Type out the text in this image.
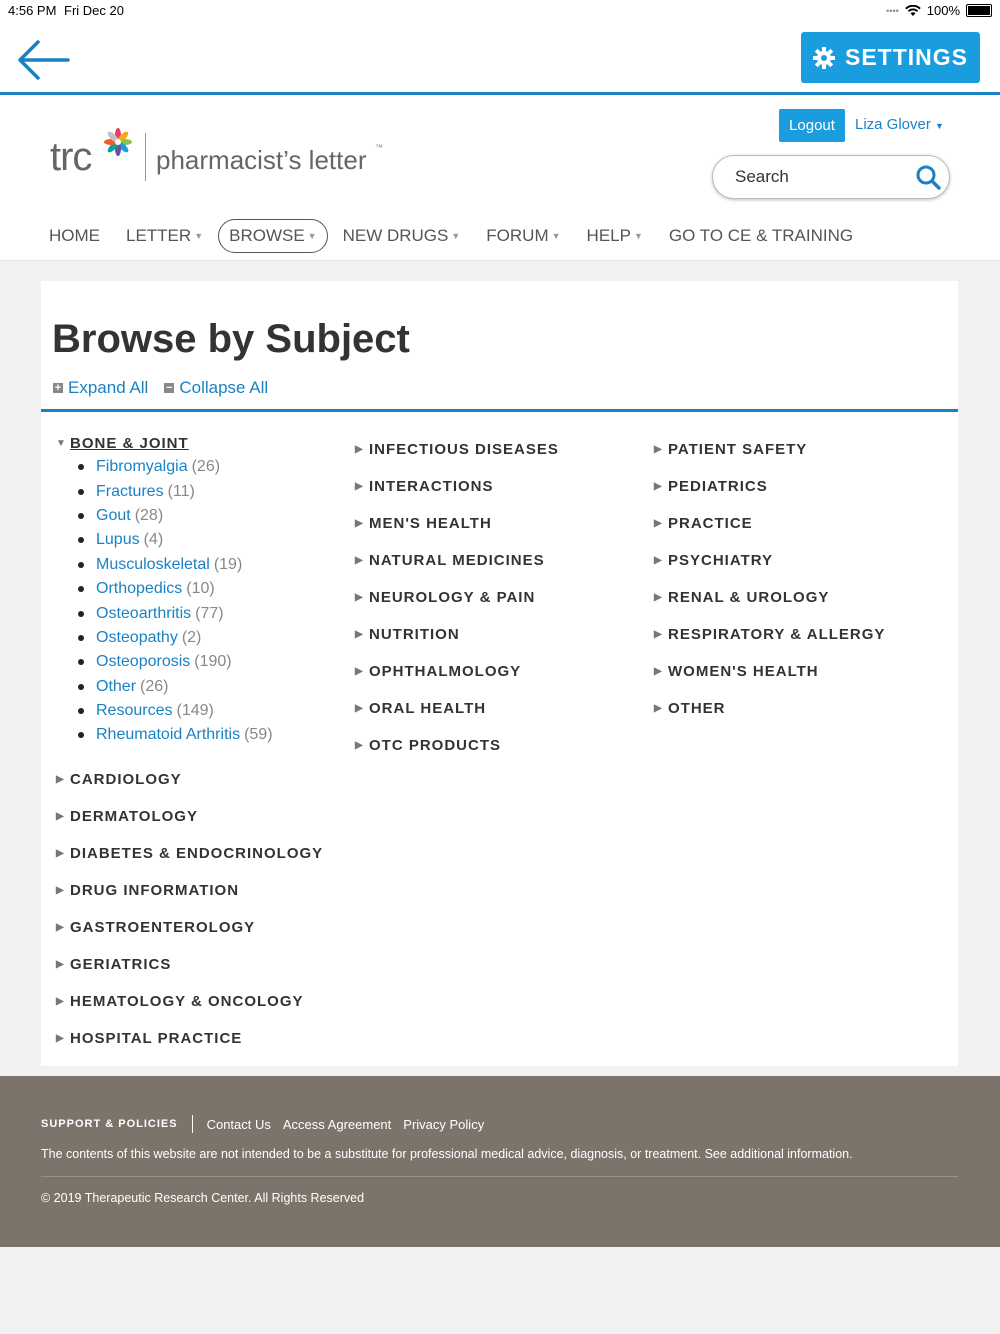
4:56 PM Fri Dec 20	•••• 100%
SETTINGS
trc pharmacist’s letter ™
Logout	Liza Glover ▼
Search
HOME LETTER ▼ BROWSE ▼ NEW DRUGS ▼ FORUM ▼ HELP ▼ GO TO CE & TRAINING
Browse by Subject
+ Expand All − Collapse All
▼ BONE & JOINT
Fibromyalgia (26)
Fractures (11)
Gout (28)
Lupus (4)
Musculoskeletal (19)
Orthopedics (10)
Osteoarthritis (77)
Osteopathy (2)
Osteoporosis (190)
Other (26)
Resources (149)
Rheumatoid Arthritis (59)
▶ CARDIOLOGY
▶ DERMATOLOGY
▶ DIABETES & ENDOCRINOLOGY
▶ DRUG INFORMATION
▶ GASTROENTEROLOGY
▶ GERIATRICS
▶ HEMATOLOGY & ONCOLOGY
▶ HOSPITAL PRACTICE
▶ INFECTIOUS DISEASES
▶ INTERACTIONS
▶ MEN'S HEALTH
▶ NATURAL MEDICINES
▶ NEUROLOGY & PAIN
▶ NUTRITION
▶ OPHTHALMOLOGY
▶ ORAL HEALTH
▶ OTC PRODUCTS
▶ PATIENT SAFETY
▶ PEDIATRICS
▶ PRACTICE
▶ PSYCHIATRY
▶ RENAL & UROLOGY
▶ RESPIRATORY & ALLERGY
▶ WOMEN'S HEALTH
▶ OTHER
SUPPORT & POLICIES Contact Us Access Agreement Privacy Policy
The contents of this website are not intended to be a substitute for professional medical advice, diagnosis, or treatment. See additional information.
© 2019 Therapeutic Research Center. All Rights Reserved
